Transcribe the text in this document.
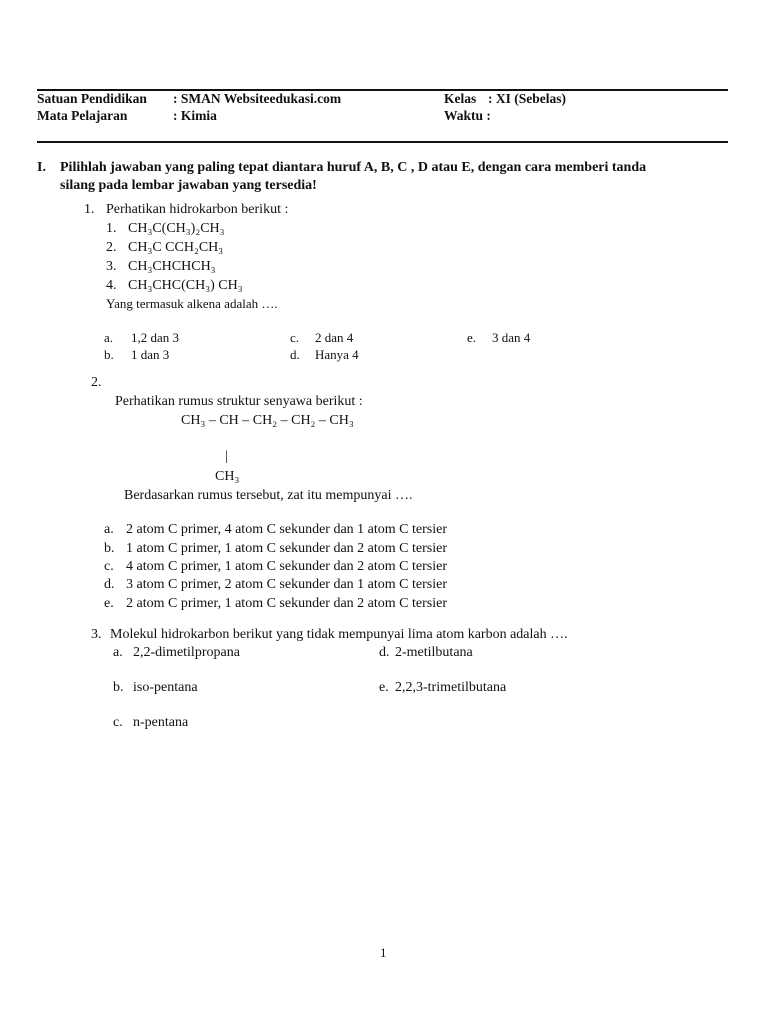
Satuan Pendidikan : SMAN Websiteedukasi.com	Kelas : XI (Sebelas)
Mata Pelajaran	: Kimia	Waktu :
I. Pilihlah jawaban yang paling tepat diantara huruf A, B, C , D atau E, dengan cara memberi tanda
silang pada lembar jawaban yang tersedia!
1. Perhatikan hidrokarbon berikut :
1. CH₃C(CH₃)₂CH₃
2. CH₃C CCH₂CH₃
3. CH₃CHCHCH₃
4. CH₃CHC(CH₃) CH₃
Yang termasuk alkena adalah ….
a. 1,2 dan 3
b. 1 dan 3
c. 2 dan 4
d. Hanya 4
e. 3 dan 4
2.
Perhatikan rumus struktur senyawa berikut :
CH₃ – CH – CH₂ – CH₂ – CH₃
|
CH₃
Berdasarkan rumus tersebut, zat itu mempunyai ….
a. 2 atom C primer, 4 atom C sekunder dan 1 atom C tersier
b. 1 atom C primer, 1 atom C sekunder dan 2 atom C tersier
c. 4 atom C primer, 1 atom C sekunder dan 2 atom C tersier
d. 3 atom C primer, 2 atom C sekunder dan 1 atom C tersier
e. 2 atom C primer, 1 atom C sekunder dan 2 atom C tersier
3. Molekul hidrokarbon berikut yang tidak mempunyai lima atom karbon adalah ….
a. 2,2-dimetilpropana	d. 2-metilbutana
b. iso-pentana	e. 2,2,3-trimetilbutana
c. n-pentana
1
